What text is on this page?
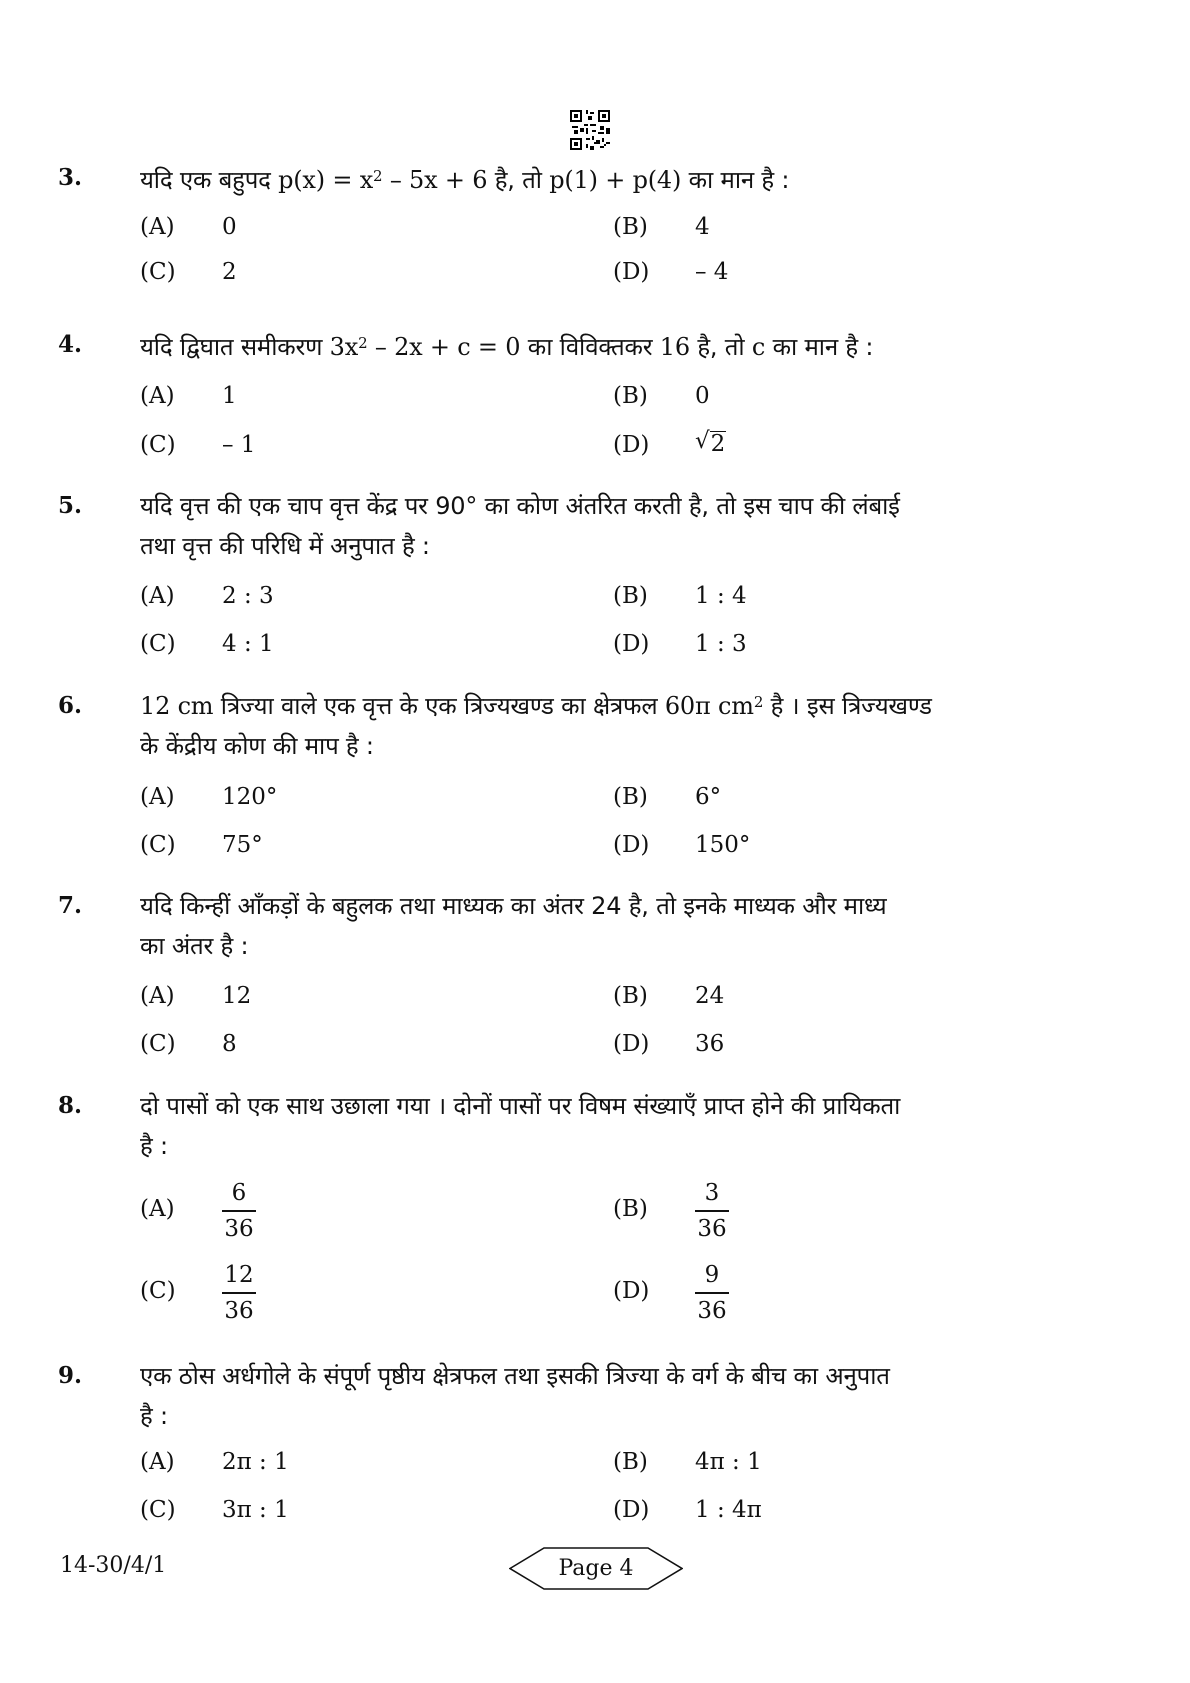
3. यदि एक बहुपद $p(x) = x^2 - 5x + 6$ है, तो p(1) + p(4) का मान है :
(A) 0	(B) 4
(C) 2	(D) – 4
4. यदि द्विघात समीकरण $3x^2 - 2x + c = 0$ का विविक्तकर 16 है, तो c का मान है :
(A) 1	(B) 0
(C) – 1	(D) √ 2
5. यदि वृत्त की एक चाप वृत्त केंद्र पर 90° का कोण अंतरित करती है, तो इस चाप की लंबाई
तथा वृत्त की परिधि में अनुपात है :
(A) 2 : 3	(B) 1 : 4
(C) 4 : 1	(D) 1 : 3
6. 12 cm त्रिज्या वाले एक वृत्त के एक त्रिज्यखण्ड का क्षेत्रफल 60π $cm^2$ है । इस त्रिज्यखण्ड
के केंद्रीय कोण की माप है :
(A) 120°	(B) 6°
(C) 75°	(D) 150°
7. यदि किन्हीं आँकड़ों के बहुलक तथा माध्यक का अंतर 24 है, तो इनके माध्यक और माध्य
का अंतर है :
(A) 12	(B) 24
(C) 8	(D) 36
8. दो पासों को एक साथ उछाला गया । दोनों पासों पर विषम संख्याएँ प्राप्त होने की प्रायिकता
है :
(A)
6
36
(B)
3
36
(C)
12
36
(D)
9
36
9. एक ठोस अर्धगोले के संपूर्ण पृष्ठीय क्षेत्रफल तथा इसकी त्रिज्या के वर्ग के बीच का अनुपात
है :
(A) 2π : 1	(B) 4π : 1
(C) 3π : 1	(D) 1 : 4π
14-30/4/1	Page 4
